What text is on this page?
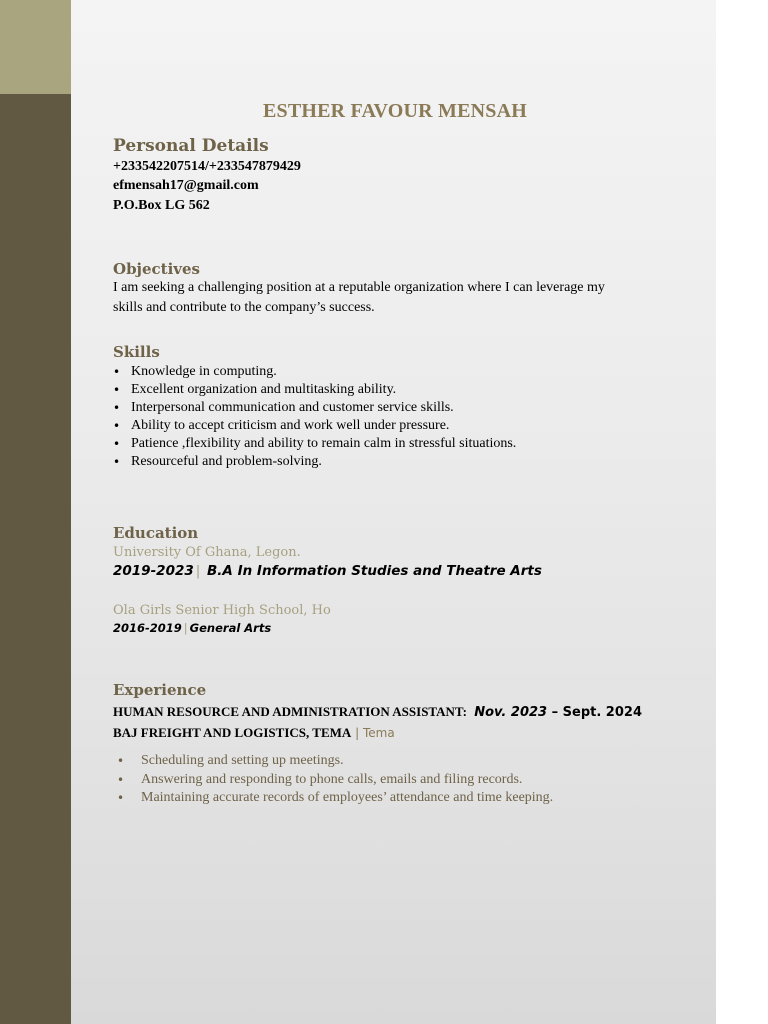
ESTHER FAVOUR MENSAH
Personal Details
+233542207514/+233547879429
efmensah17@gmail.com
P.O.Box LG 562
Objectives
I am seeking a challenging position at a reputable organization where I can leverage my
skills and contribute to the company’s success.
Skills
• Knowledge in computing.
• Excellent organization and multitasking ability.
• Interpersonal communication and customer service skills.
• Ability to accept criticism and work well under pressure.
• Patience ,flexibility and ability to remain calm in stressful situations.
• Resourceful and problem-solving.
Education
University Of Ghana, Legon.
2019-2023 | B.A In Information Studies and Theatre Arts
Ola Girls Senior High School, Ho
2016-2019 | General Arts
Experience
HUMAN RESOURCE AND ADMINISTRATION ASSISTANT: Nov. 2023 – Sept. 2024
BAJ FREIGHT AND LOGISTICS, TEMA | Tema
• Scheduling and setting up meetings.
• Answering and responding to phone calls, emails and filing records.
• Maintaining accurate records of employees’ attendance and time keeping.
